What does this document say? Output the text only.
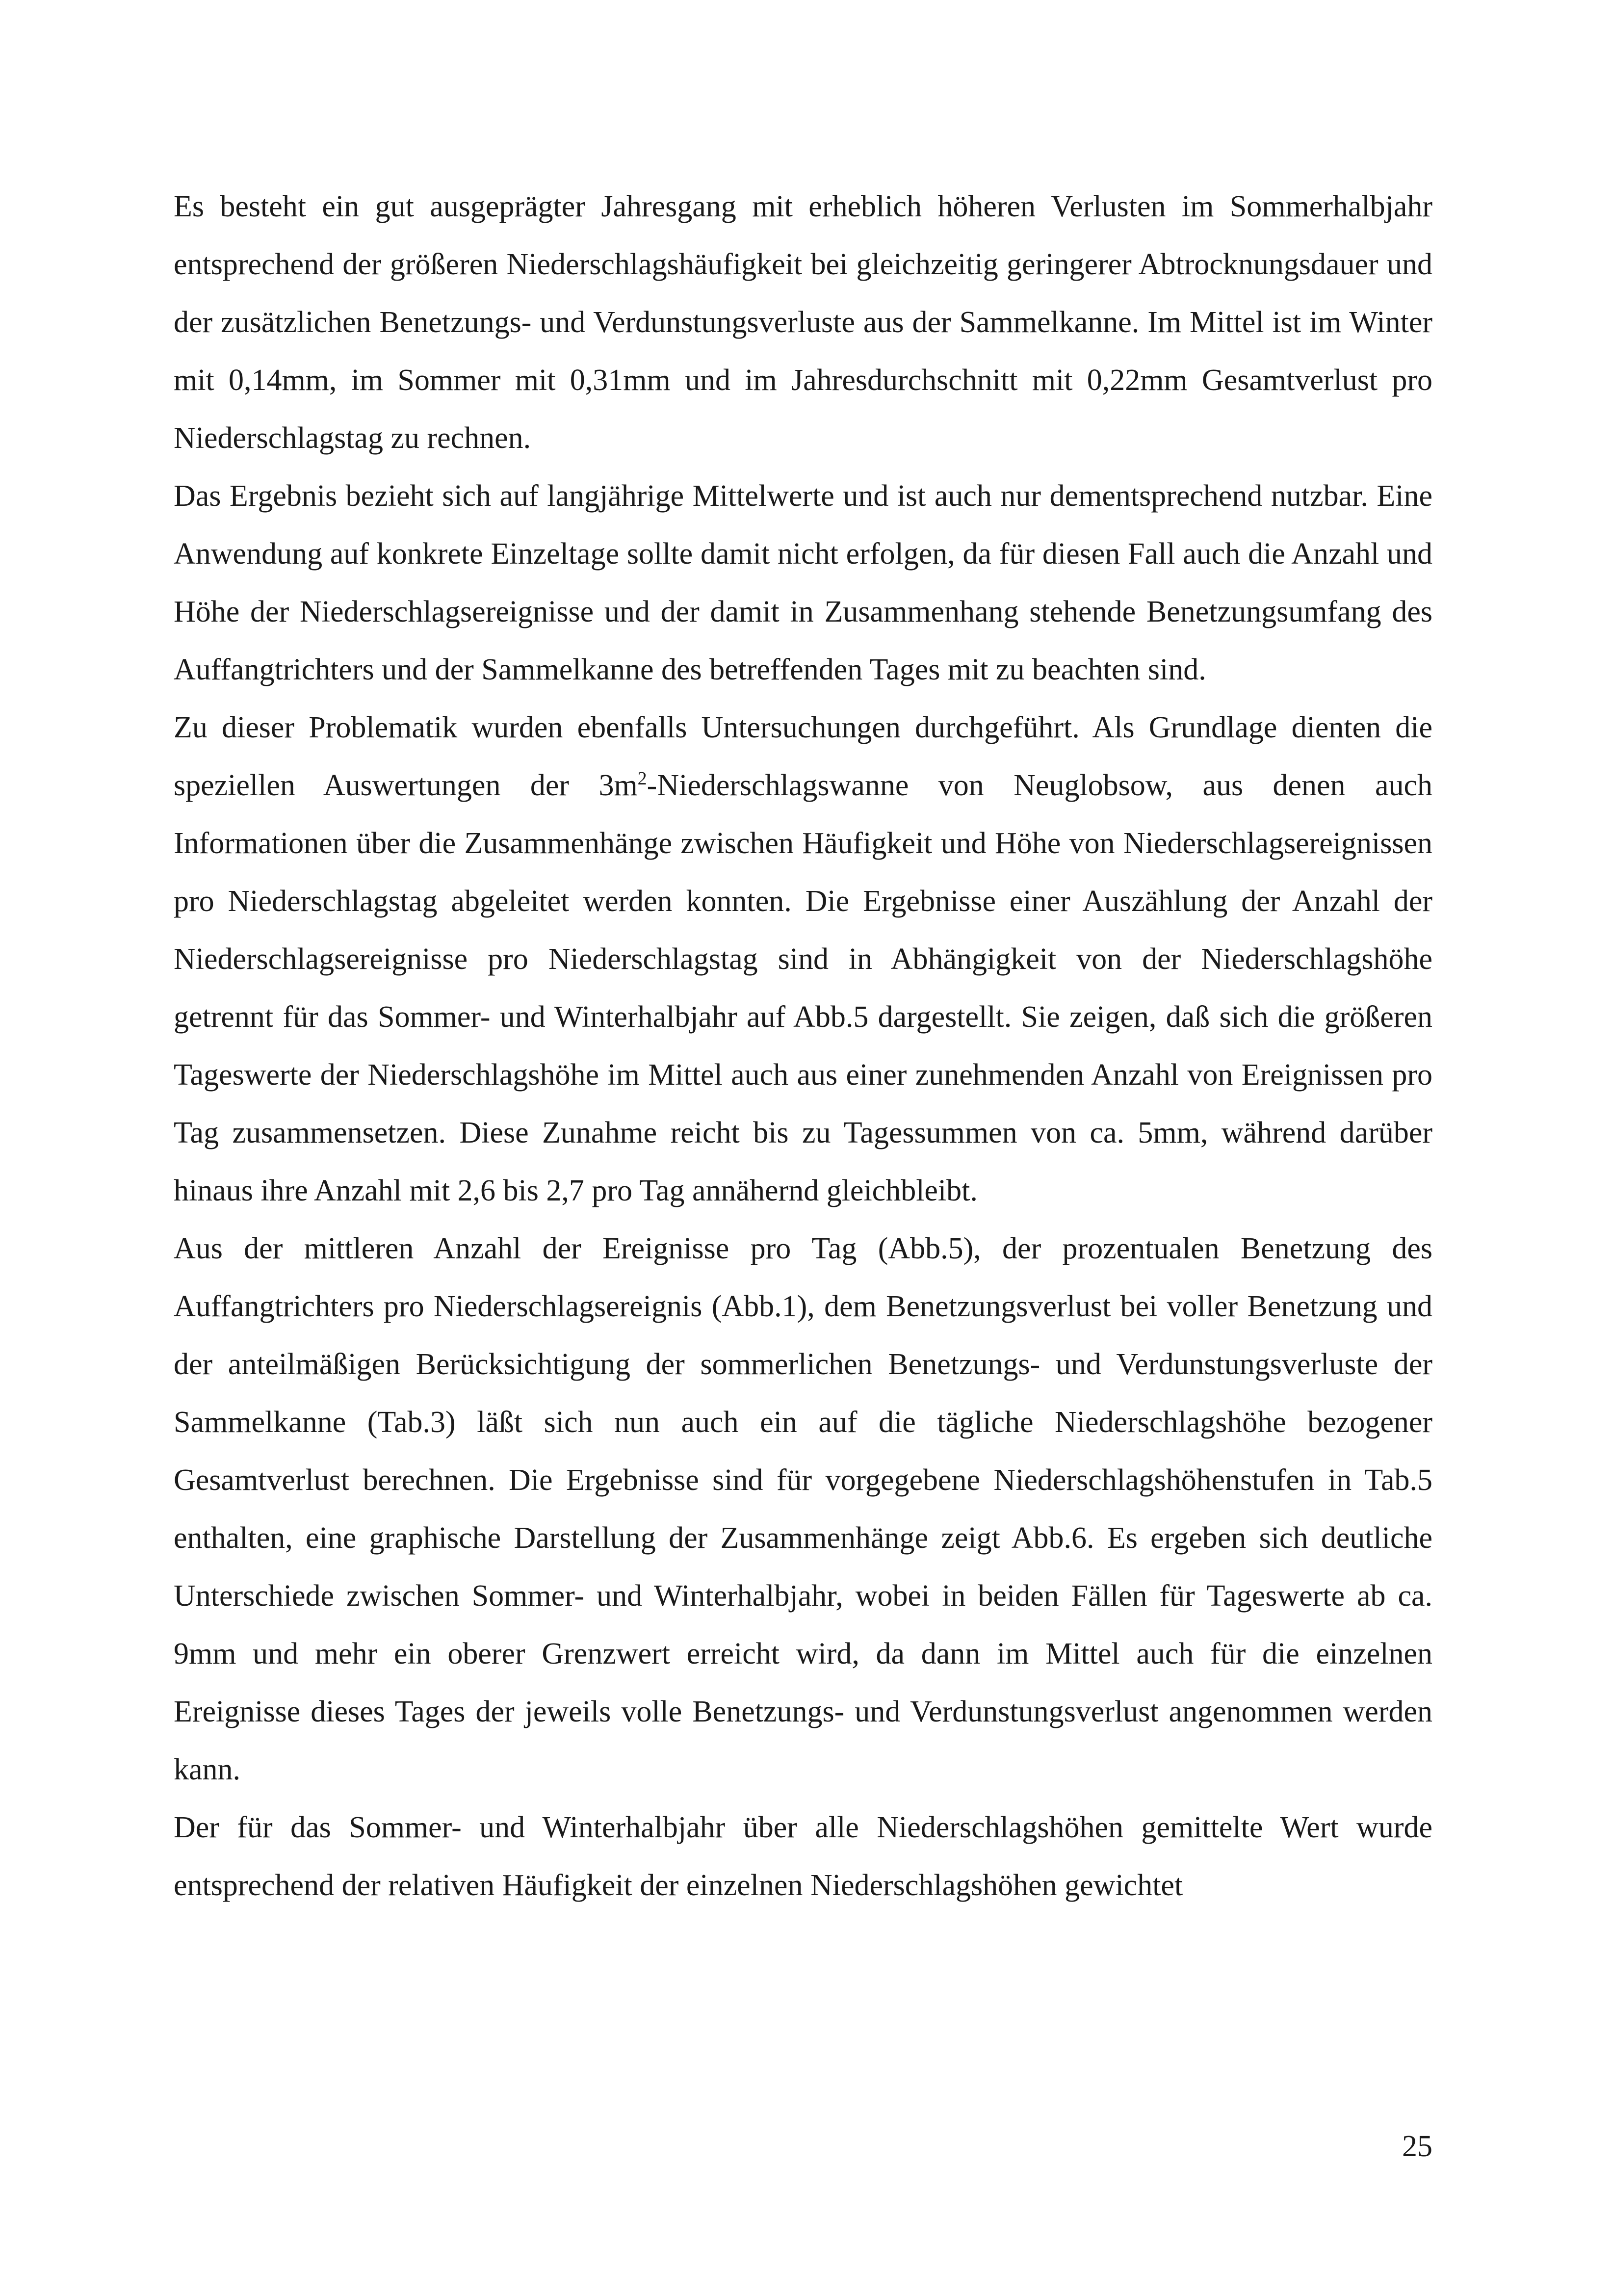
Es besteht ein gut ausgeprägter Jahresgang mit erheblich höheren Verlusten im Sommerhalbjahr entsprechend der größeren Niederschlagshäufigkeit bei gleichzeitig geringerer Abtrocknungsdauer und der zusätzlichen Benetzungs- und Verdunstungsverluste aus der Sammelkanne. Im Mittel ist im Winter mit 0,14mm, im Sommer mit 0,31mm und im Jahresdurchschnitt mit 0,22mm Gesamtverlust pro Niederschlagstag zu rechnen.

Das Ergebnis bezieht sich auf langjährige Mittelwerte und ist auch nur dementsprechend nutzbar. Eine Anwendung auf konkrete Einzeltage sollte damit nicht erfolgen, da für diesen Fall auch die Anzahl und Höhe der Niederschlagsereignisse und der damit in Zusammenhang stehende Benetzungsumfang des Auffangtrichters und der Sammelkanne des betreffenden Tages mit zu beachten sind.

Zu dieser Problematik wurden ebenfalls Untersuchungen durchgeführt. Als Grundlage dienten die speziellen Auswertungen der $3m^2$-Niederschlagswanne von Neuglobsow, aus denen auch Informationen über die Zusammenhänge zwischen Häufigkeit und Höhe von Niederschlagsereignissen pro Niederschlagstag abgeleitet werden konnten. Die Ergebnisse einer Auszählung der Anzahl der Niederschlagsereignisse pro Niederschlagstag sind in Abhängigkeit von der Niederschlagshöhe getrennt für das Sommer- und Winterhalbjahr auf Abb.5 dargestellt. Sie zeigen, daß sich die größeren Tageswerte der Niederschlagshöhe im Mittel auch aus einer zunehmenden Anzahl von Ereignissen pro Tag zusammensetzen. Diese Zunahme reicht bis zu Tagessummen von ca. 5mm, während darüber hinaus ihre Anzahl mit 2,6 bis 2,7 pro Tag annähernd gleichbleibt.

Aus der mittleren Anzahl der Ereignisse pro Tag (Abb.5), der prozentualen Benetzung des Auffangtrichters pro Niederschlagsereignis (Abb.1), dem Benetzungsverlust bei voller Benetzung und der anteilmäßigen Berücksichtigung der sommerlichen Benetzungs- und Verdunstungsverluste der Sammelkanne (Tab.3) läßt sich nun auch ein auf die tägliche Niederschlagshöhe bezogener Gesamtverlust berechnen. Die Ergebnisse sind für vorgegebene Niederschlagshöhenstufen in Tab.5 enthalten, eine graphische Darstellung der Zusammenhänge zeigt Abb.6. Es ergeben sich deutliche Unterschiede zwischen Sommer- und Winterhalbjahr, wobei in beiden Fällen für Tageswerte ab ca. 9mm und mehr ein oberer Grenzwert erreicht wird, da dann im Mittel auch für die einzelnen Ereignisse dieses Tages der jeweils volle Benetzungs- und Verdunstungsverlust angenommen werden kann.

Der für das Sommer- und Winterhalbjahr über alle Niederschlagshöhen gemittelte Wert wurde entsprechend der relativen Häufigkeit der einzelnen Niederschlagshöhen gewichtet

25
